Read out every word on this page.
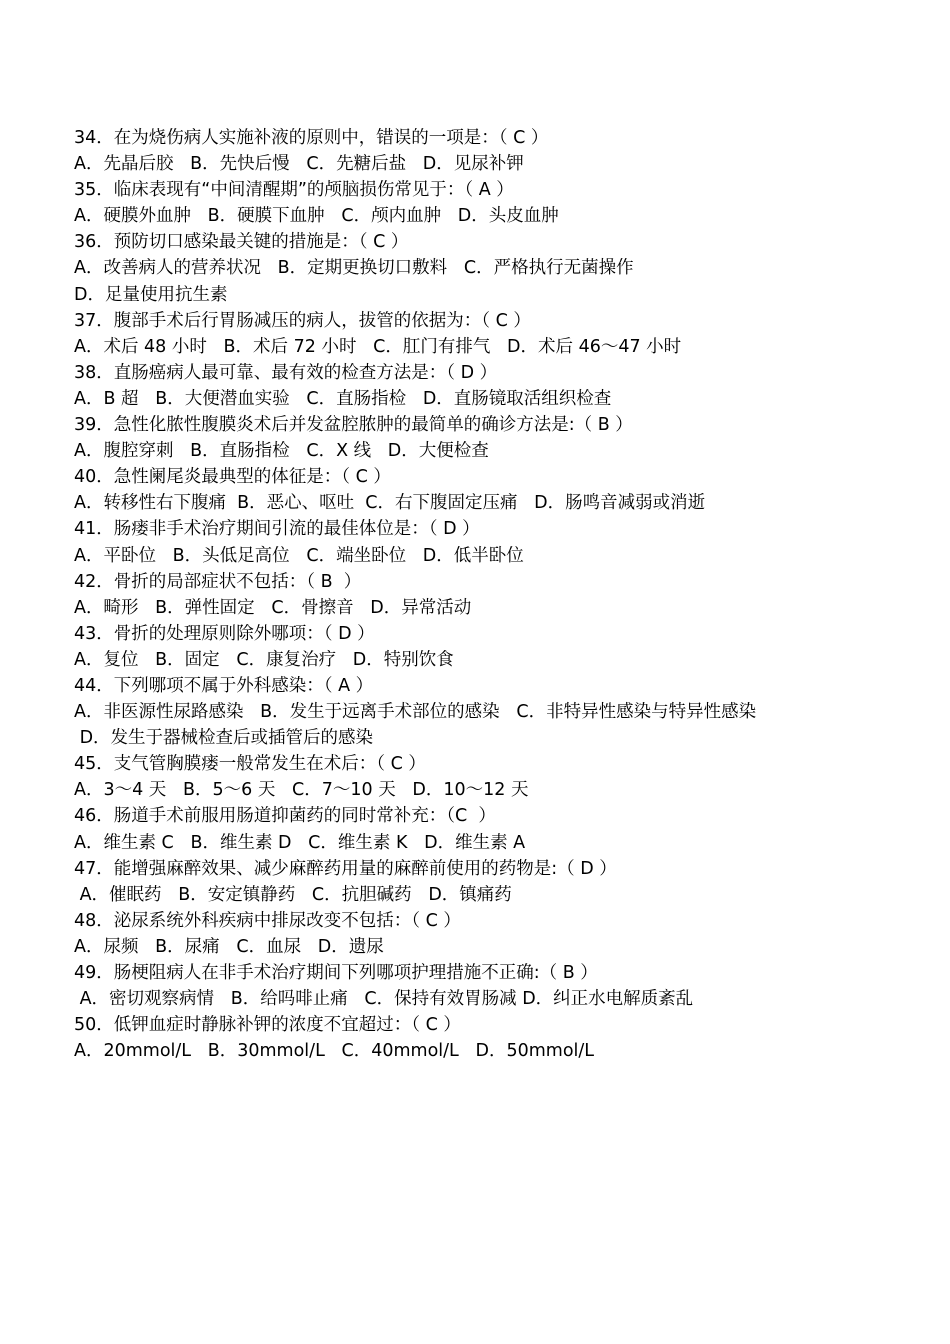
34．在为烧伤病人实施补液的原则中，错误的一项是：（ C ）
A．先晶后胶   B．先快后慢   C．先糖后盐   D．见尿补钾
35．临床表现有“中间清醒期”的颅脑损伤常见于：（ A ）
A．硬膜外血肿   B．硬膜下血肿   C．颅内血肿   D．头皮血肿
36．预防切口感染最关键的措施是：（ C ）
A．改善病人的营养状况   B．定期更换切口敷料   C．严格执行无菌操作
D．足量使用抗生素
37．腹部手术后行胃肠减压的病人，拔管的依据为：（ C ）
A．术后 48 小时   B．术后 72 小时   C．肛门有排气   D．术后 46～47 小时
38．直肠癌病人最可靠、最有效的检查方法是：（ D ）
A．B 超   B．大便潜血实验   C．直肠指检   D．直肠镜取活组织检查
39．急性化脓性腹膜炎术后并发盆腔脓肿的最简单的确诊方法是:（ B ）
A．腹腔穿刺   B．直肠指检   C．X 线   D．大便检查
40．急性阑尾炎最典型的体征是：（ C ）
A．转移性右下腹痛  B．恶心、呕吐  C．右下腹固定压痛   D．肠鸣音减弱或消逝
41．肠瘘非手术治疗期间引流的最佳体位是：（ D ）
A．平卧位   B．头低足高位   C．端坐卧位   D．低半卧位
42．骨折的局部症状不包括：（ B  ）
A．畸形   B．弹性固定   C．骨擦音   D．异常活动
43．骨折的处理原则除外哪项：（ D ）
A．复位   B．固定   C．康复治疗   D．特别饮食
44．下列哪项不属于外科感染：（ A ）
A．非医源性尿路感染   B．发生于远离手术部位的感染   C．非特异性感染与特异性感染
D．发生于器械检查后或插管后的感染
45．支气管胸膜瘘一般常发生在术后：（ C ）
A．3～4 天   B．5～6 天   C．7～10 天   D．10～12 天
46．肠道手术前服用肠道抑菌药的同时常补充：（C  ）
A．维生素 C   B．维生素 D   C．维生素 K   D．维生素 A
47．能增强麻醉效果、减少麻醉药用量的麻醉前使用的药物是:（ D ）
A．催眠药   B．安定镇静药   C．抗胆碱药   D．镇痛药
48．泌尿系统外科疾病中排尿改变不包括：（ C ）
A．尿频   B．尿痛   C．血尿   D．遗尿
49．肠梗阻病人在非手术治疗期间下列哪项护理措施不正确:（ B ）
A．密切观察病情   B．给吗啡止痛   C．保持有效胃肠减 D．纠正水电解质紊乱
50．低钾血症时静脉补钾的浓度不宜超过：（ C ）
A．20mmol/L   B．30mmol/L   C．40mmol/L   D．50mmol/L
